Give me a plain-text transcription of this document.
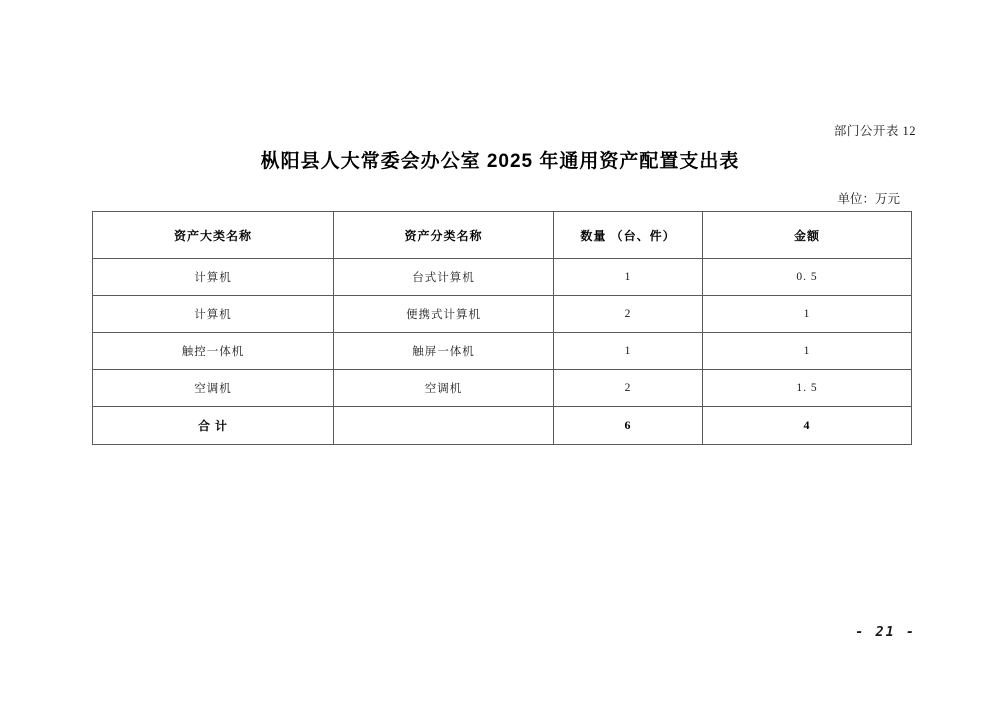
部门公开表 12
枞阳县人大常委会办公室 2025 年通用资产配置支出表
单位：万元
资产大类名称	资产分类名称	数量 （台、件）	金额
计算机	台式计算机	1	0. 5
计算机	便携式计算机	2	1
触控一体机	触屏一体机	1	1
空调机	空调机	2	1. 5
合 计		6	4
- 21 -
